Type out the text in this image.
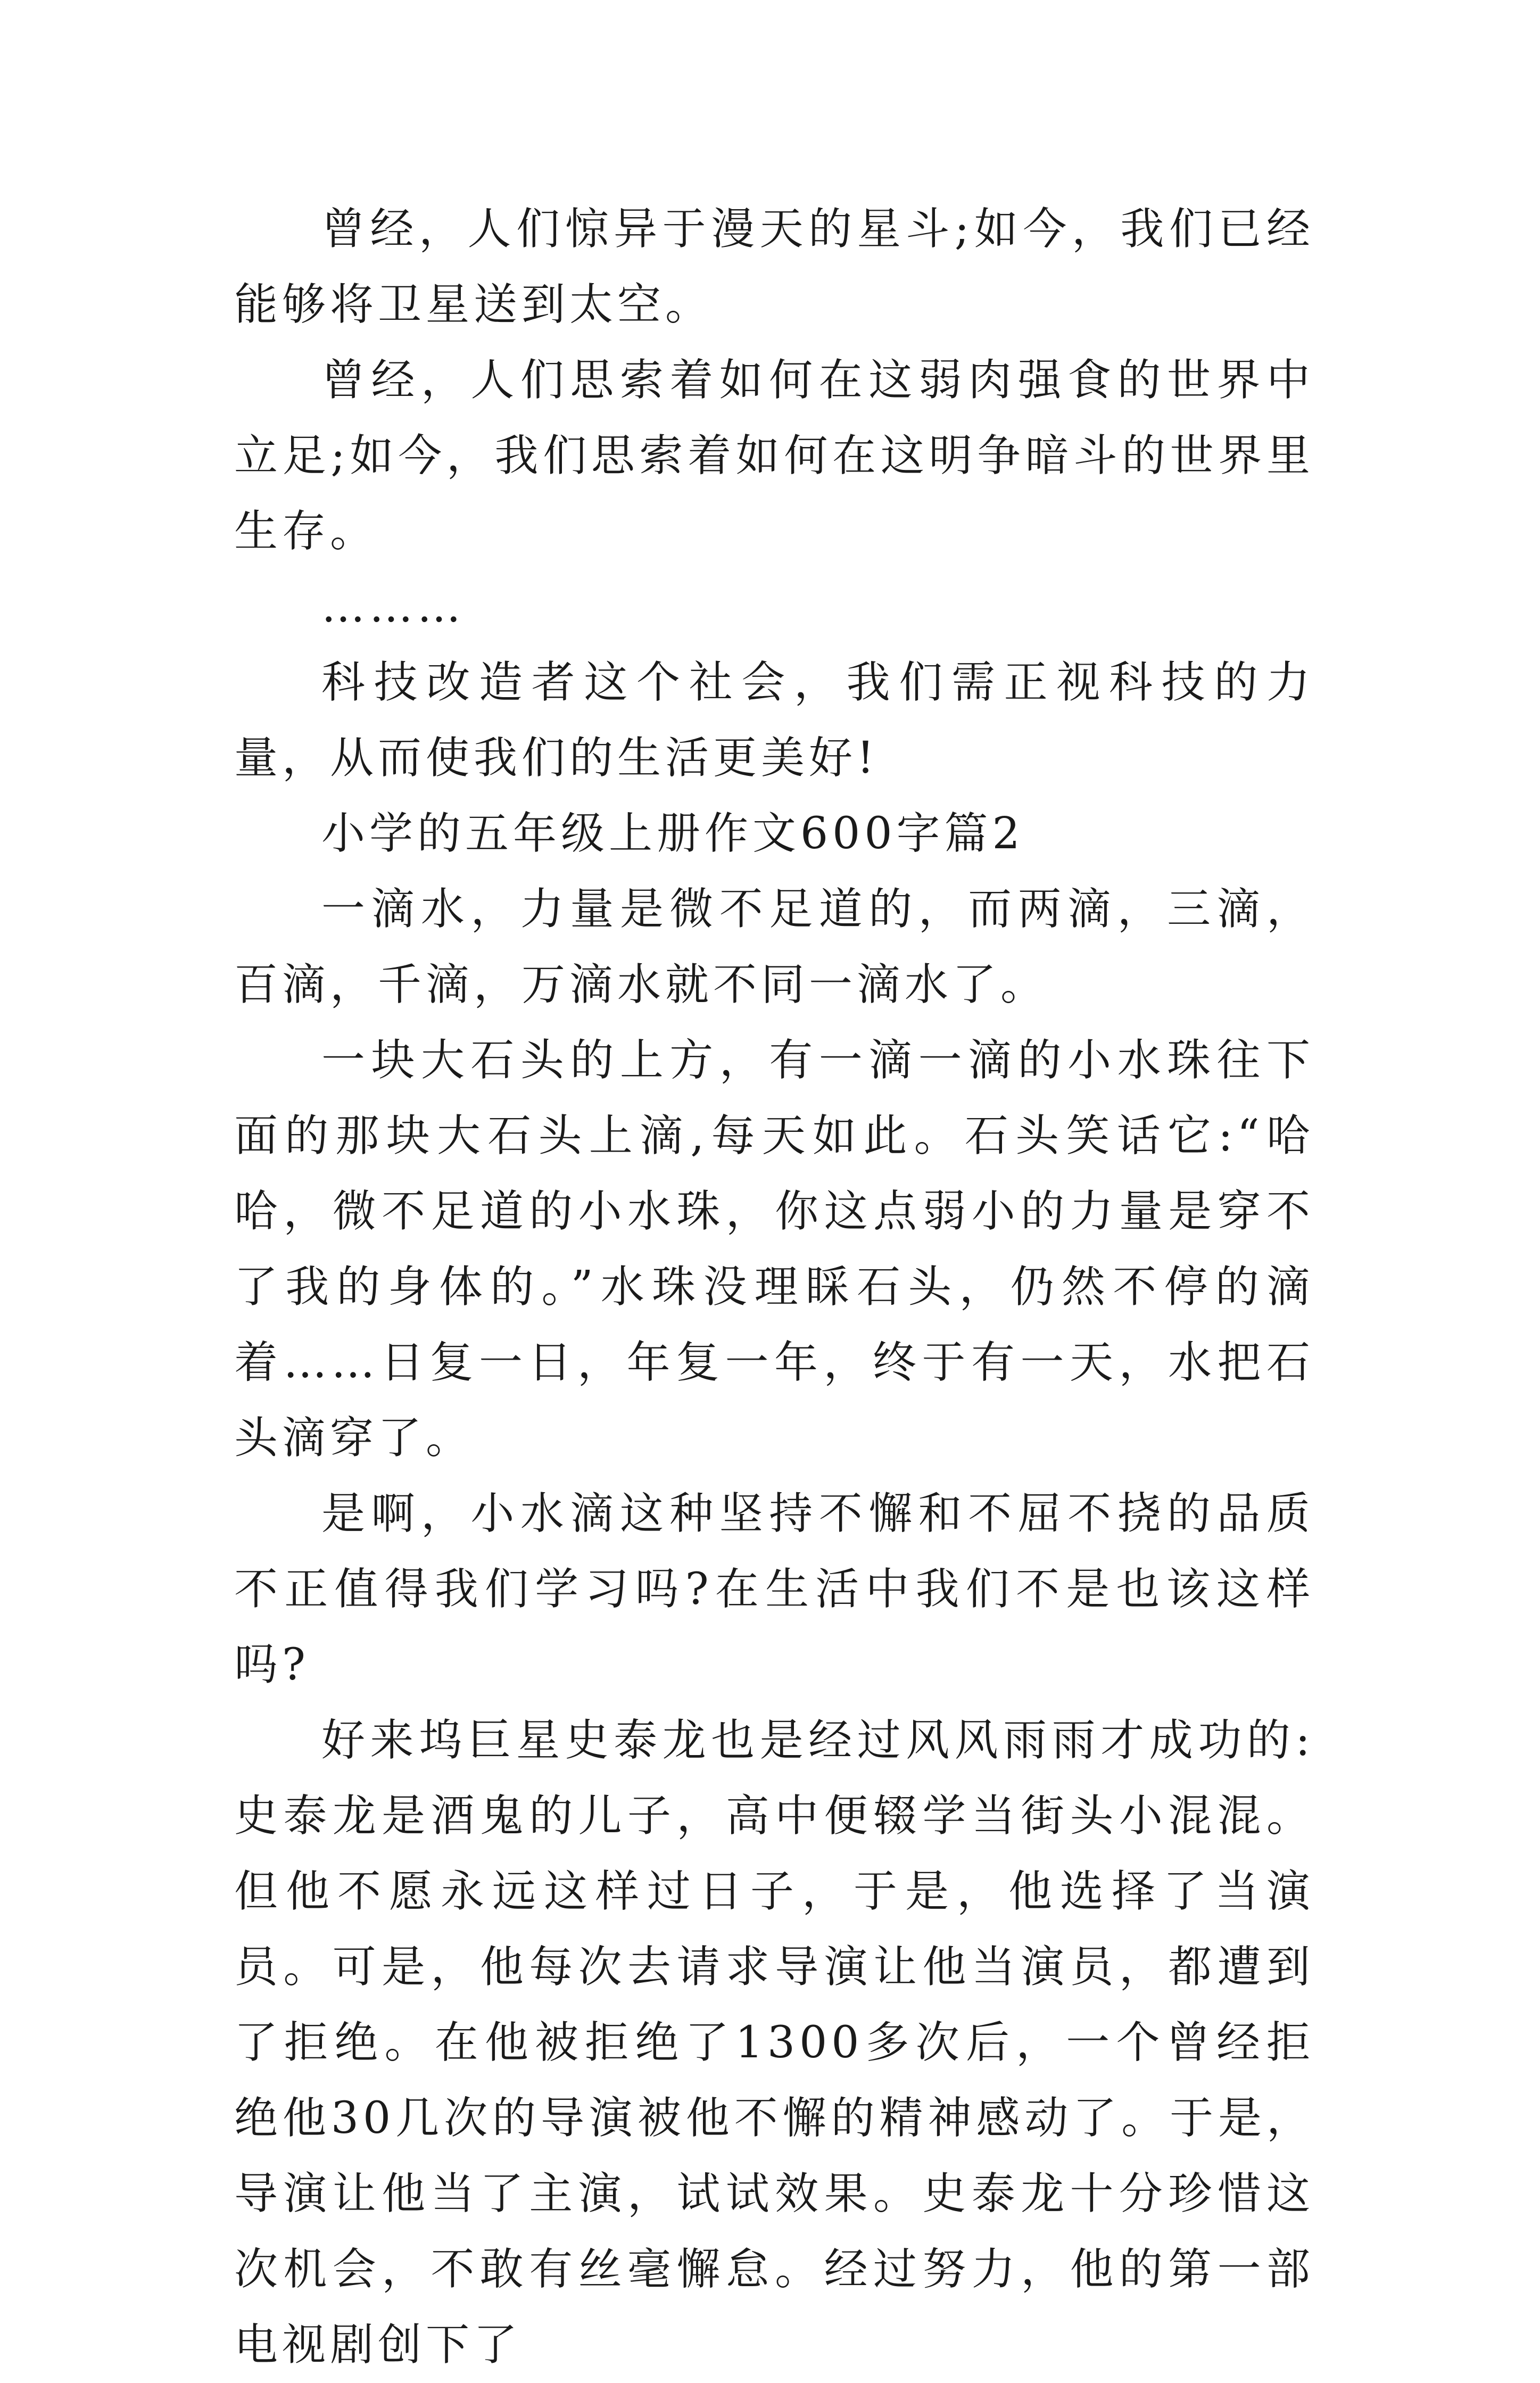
曾经，人们惊异于漫天的星斗;如今，我们已经能够将卫星送到太空。

曾经，人们思索着如何在这弱肉强食的世界中立足;如今，我们思索着如何在这明争暗斗的世界里生存。

………

科技改造者这个社会，我们需正视科技的力量，从而使我们的生活更美好!

小学的五年级上册作文600字篇2

一滴水，力量是微不足道的，而两滴，三滴，百滴，千滴，万滴水就不同一滴水了。

一块大石头的上方，有一滴一滴的小水珠往下面的那块大石头上滴,每天如此。石头笑话它:“哈哈，微不足道的小水珠，你这点弱小的力量是穿不了我的身体的。”水珠没理睬石头，仍然不停的滴着……日复一日，年复一年，终于有一天，水把石头滴穿了。

是啊，小水滴这种坚持不懈和不屈不挠的品质不正值得我们学习吗?在生活中我们不是也该这样吗?

好来坞巨星史泰龙也是经过风风雨雨才成功的:史泰龙是酒鬼的儿子，高中便辍学当街头小混混。但他不愿永远这样过日子，于是，他选择了当演员。可是，他每次去请求导演让他当演员，都遭到了拒绝。在他被拒绝了1300多次后，一个曾经拒绝他30几次的导演被他不懈的精神感动了。于是，导演让他当了主演，试试效果。史泰龙十分珍惜这次机会，不敢有丝毫懈怠。经过努力，他的第一部电视剧创下了
